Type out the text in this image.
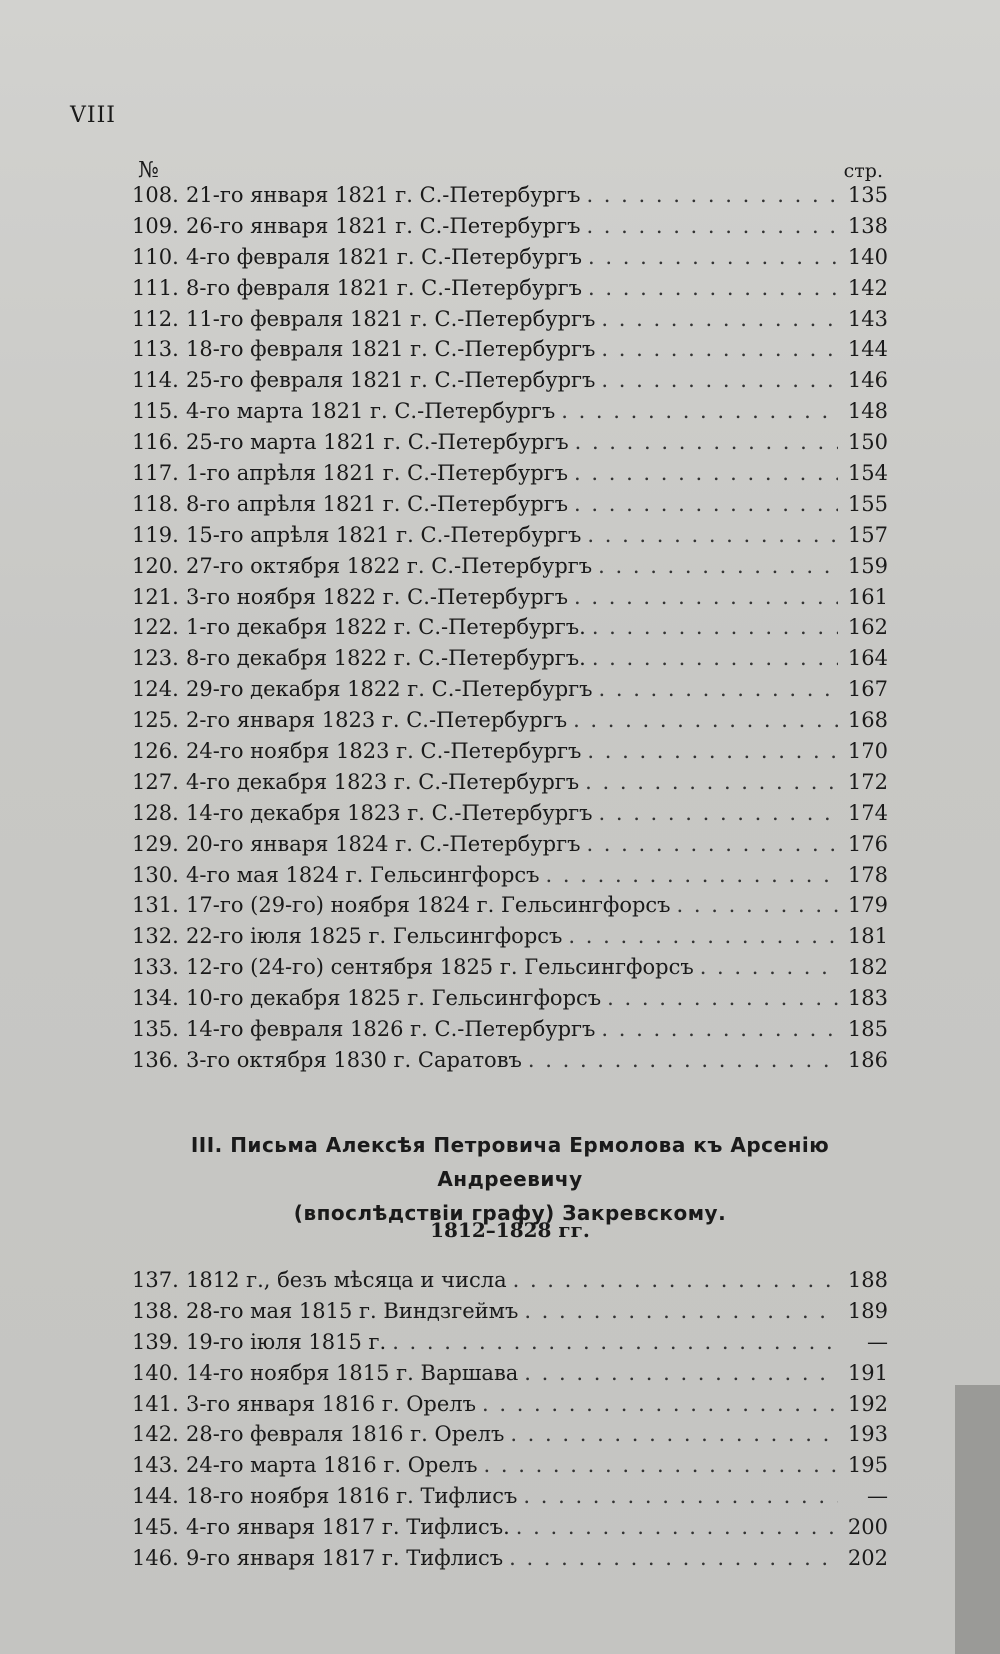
VIII
№	стр.
108. 21-го января 1821 г. С.-Петербургъ . . .	135
109. 26-го января 1821 г. С.-Петербургъ . . .	138
110. 4-го февраля 1821 г. С.-Петербургъ . . .	140
111. 8-го февраля 1821 г. С.-Петербургъ . . .	142
112. 11-го февраля 1821 г. С.-Петербургъ . . .	143
113. 18-го февраля 1821 г. С.-Петербургъ . . .	144
114. 25-го февраля 1821 г. С.-Петербургъ . . .	146
115. 4-го марта 1821 г. С.-Петербургъ . . .	148
116. 25-го марта 1821 г. С.-Петербургъ . . .	150
117. 1-го апрѣля 1821 г. С.-Петербургъ . . .	154
118. 8-го апрѣля 1821 г. С.-Петербургъ . . .	155
119. 15-го апрѣля 1821 г. С.-Петербургъ . . .	157
120. 27-го октября 1822 г. С.-Петербургъ . . .	159
121. 3-го ноября 1822 г. С.-Петербургъ . . .	161
122. 1-го декабря 1822 г. С.-Петербургъ. . . .	162
123. 8-го декабря 1822 г. С.-Петербургъ. . . .	164
124. 29-го декабря 1822 г. С.-Петербургъ . . .	167
125. 2-го января 1823 г. С.-Петербургъ . . .	168
126. 24-го ноября 1823 г. С.-Петербургъ . . .	170
127. 4-го декабря 1823 г. С.-Петербургъ . . .	172
128. 14-го декабря 1823 г. С.-Петербургъ . . .	174
129. 20-го января 1824 г. С.-Петербургъ . . .	176
130. 4-го мая 1824 г. Гельсингфорсъ . . .	178
131. 17-го (29-го) ноября 1824 г. Гельсингфорсъ . . .	179
132. 22-го іюля 1825 г. Гельсингфорсъ . . .	181
133. 12-го (24-го) сентября 1825 г. Гельсингфорсъ . . .	182
134. 10-го декабря 1825 г. Гельсингфорсъ . . .	183
135. 14-го февраля 1826 г. С.-Петербургъ . . .	185
136. 3-го октября 1830 г. Саратовъ . . .	186
III. Письма Алексѣя Петровича Ермолова къ Арсенію Андреевичу
(впослѣдствіи графу) Закревскому.
1812–1828 гг.
137. 1812 г., безъ мѣсяца и числа . . .	188
138. 28-го мая 1815 г. Виндзгеймъ . . .	189
139. 19-го іюля 1815 г. . . .	—
140. 14-го ноября 1815 г. Варшава . . .	191
141. 3-го января 1816 г. Орелъ . . .	192
142. 28-го февраля 1816 г. Орелъ . . .	193
143. 24-го марта 1816 г. Орелъ . . .	195
144. 18-го ноября 1816 г. Тифлисъ . . .	—
145. 4-го января 1817 г. Тифлисъ. . . .	200
146. 9-го января 1817 г. Тифлисъ . . .	202
